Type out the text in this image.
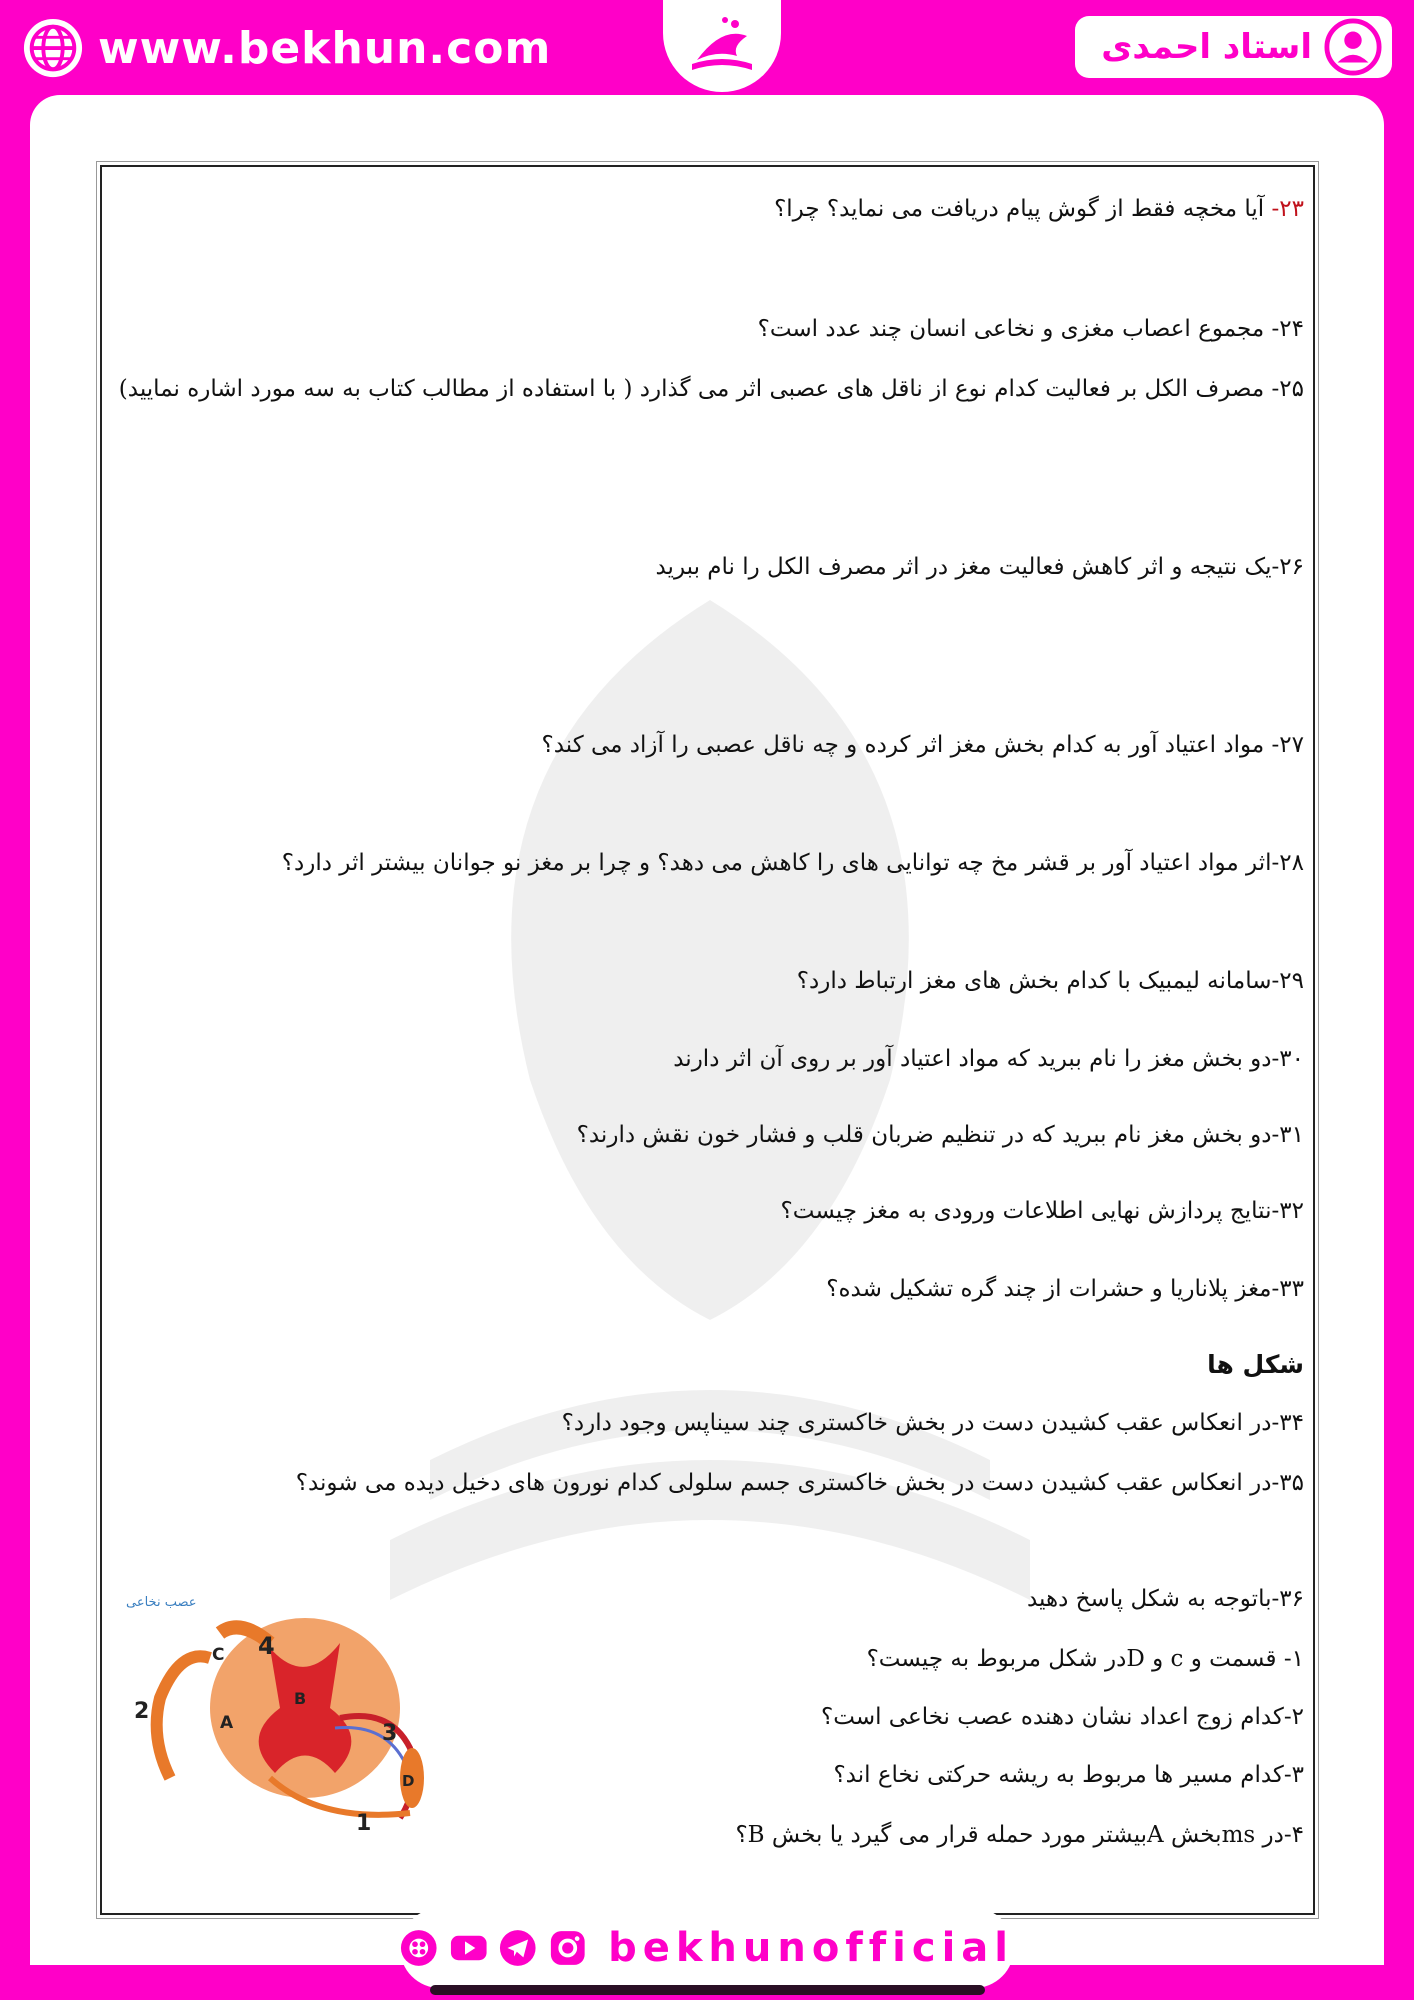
www.bekhun.com	استاد احمدی
۲۳- آیا مخچه فقط از گوش پیام دریافت می نماید؟ چرا؟
۲۴- مجموع اعصاب مغزی و نخاعی انسان چند عدد است؟
۲۵- مصرف الکل بر فعالیت کدام نوع از ناقل های عصبی اثر می گذارد ( با استفاده از مطالب کتاب به سه مورد اشاره نمایید)
۲۶-یک نتیجه و اثر کاهش فعالیت مغز در اثر مصرف الکل را نام ببرید
۲۷- مواد اعتیاد آور به کدام بخش مغز اثر کرده و چه ناقل عصبی را آزاد می کند؟
۲۸-اثر مواد اعتیاد آور بر قشر مخ چه توانایی های را کاهش می دهد؟ و چرا بر مغز نو جوانان بیشتر اثر دارد؟
۲۹-سامانه لیمبیک با کدام بخش های مغز ارتباط دارد؟
۳۰-دو بخش مغز را نام ببرید که مواد اعتیاد آور بر روی آن اثر دارند
۳۱-دو بخش مغز نام ببرید که در تنظیم ضربان قلب و فشار خون نقش دارند؟
۳۲-نتایج پردازش نهایی اطلاعات ورودی به مغز چیست؟
۳۳-مغز پلاناریا و حشرات از چند گره تشکیل شده؟
شکل ها
۳۴-در انعکاس عقب کشیدن دست در بخش خاکستری چند سیناپس وجود دارد؟
۳۵-در انعکاس عقب کشیدن دست در بخش خاکستری جسم سلولی کدام نورون های دخیل دیده می شوند؟
۳۶-باتوجه به شکل پاسخ دهید
۱- قسمت و c و Dدر شکل مربوط به چیست؟
۲-کدام زوج اعداد نشان دهنده عصب نخاعی است؟
۳-کدام مسیر ها مربوط به ریشه حرکتی نخاع اند؟
۴-در msبخش Aبیشتر مورد حمله قرار می گیرد یا بخش B؟
عصب نخاعی
C 4
B
A
2
3
D
1
bekhunofficial
